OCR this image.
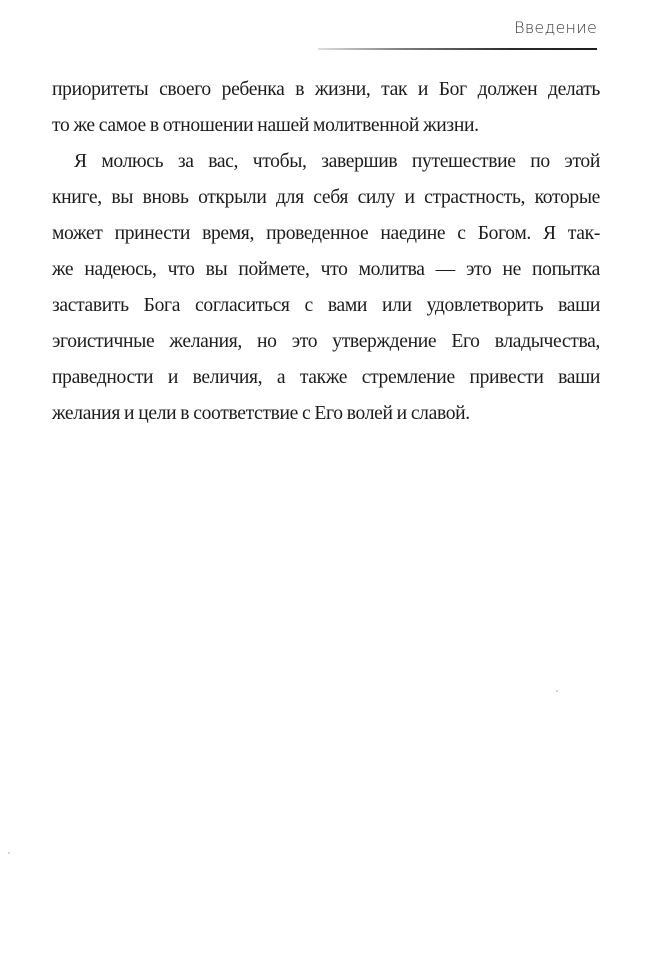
Введение

приоритеты своего ребенка в жизни, так и Бог должен делать
то же самое в отношении нашей молитвенной жизни.

Я молюсь за вас, чтобы, завершив путешествие по этой
книге, вы вновь открыли для себя силу и страстность, которые
может принести время, проведенное наедине с Богом. Я так-
же надеюсь, что вы поймете, что молитва — это не попытка
заставить Бога согласиться с вами или удовлетворить ваши
эгоистичные желания, но это утверждение Его владычества,
праведности и величия, а также стремление привести ваши
желания и цели в соответствие с Его волей и славой.
